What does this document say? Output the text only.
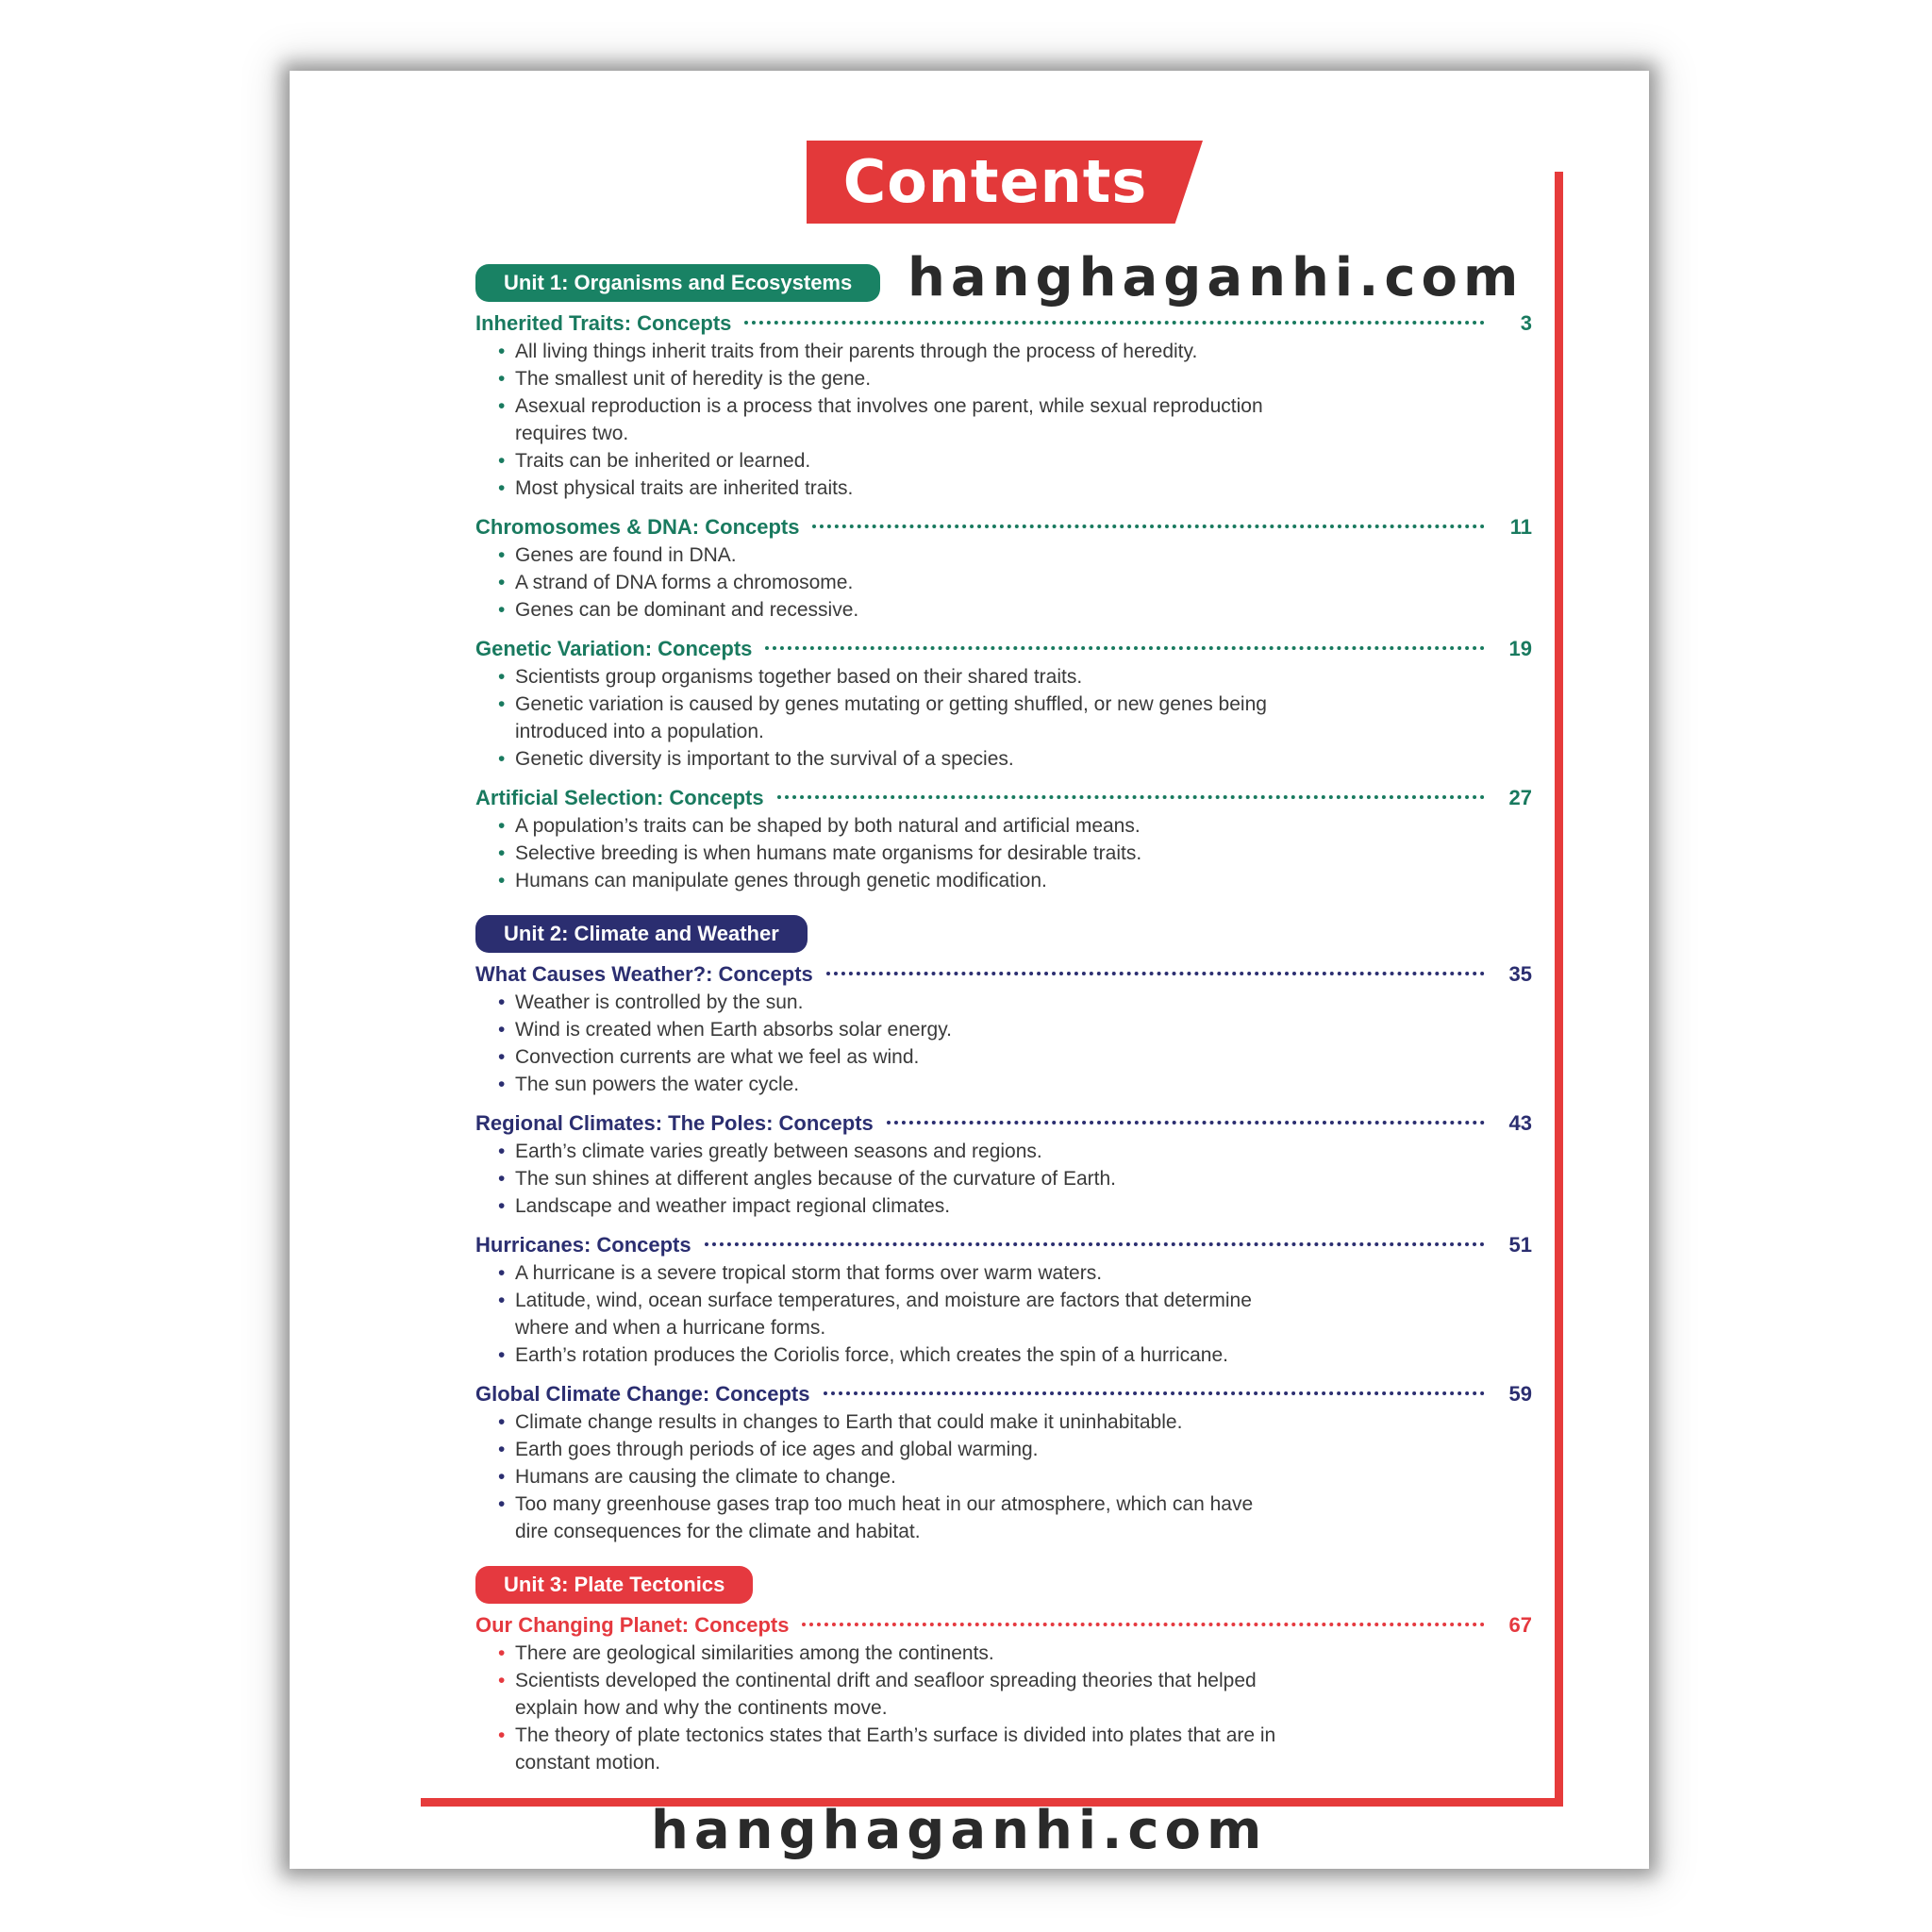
Contents
hanghaganhi.com
hanghaganhi.com
Unit 1: Organisms and Ecosystems
Inherited Traits: Concepts	3
• All living things inherit traits from their parents through the process of heredity.
• The smallest unit of heredity is the gene.
• Asexual reproduction is a process that involves one parent, while sexual reproduction requires two.
• Traits can be inherited or learned.
• Most physical traits are inherited traits.
Chromosomes & DNA: Concepts	11
• Genes are found in DNA.
• A strand of DNA forms a chromosome.
• Genes can be dominant and recessive.
Genetic Variation: Concepts	19
• Scientists group organisms together based on their shared traits.
• Genetic variation is caused by genes mutating or getting shuffled, or new genes being introduced into a population.
• Genetic diversity is important to the survival of a species.
Artificial Selection: Concepts	27
• A population’s traits can be shaped by both natural and artificial means.
• Selective breeding is when humans mate organisms for desirable traits.
• Humans can manipulate genes through genetic modification.
Unit 2: Climate and Weather
What Causes Weather?: Concepts	35
• Weather is controlled by the sun.
• Wind is created when Earth absorbs solar energy.
• Convection currents are what we feel as wind.
• The sun powers the water cycle.
Regional Climates: The Poles: Concepts	43
• Earth’s climate varies greatly between seasons and regions.
• The sun shines at different angles because of the curvature of Earth.
• Landscape and weather impact regional climates.
Hurricanes: Concepts	51
• A hurricane is a severe tropical storm that forms over warm waters.
• Latitude, wind, ocean surface temperatures, and moisture are factors that determine where and when a hurricane forms.
• Earth’s rotation produces the Coriolis force, which creates the spin of a hurricane.
Global Climate Change: Concepts	59
• Climate change results in changes to Earth that could make it uninhabitable.
• Earth goes through periods of ice ages and global warming.
• Humans are causing the climate to change.
• Too many greenhouse gases trap too much heat in our atmosphere, which can have dire consequences for the climate and habitat.
Unit 3: Plate Tectonics
Our Changing Planet: Concepts	67
• There are geological similarities among the continents.
• Scientists developed the continental drift and seafloor spreading theories that helped explain how and why the continents move.
• The theory of plate tectonics states that Earth’s surface is divided into plates that are in constant motion.
